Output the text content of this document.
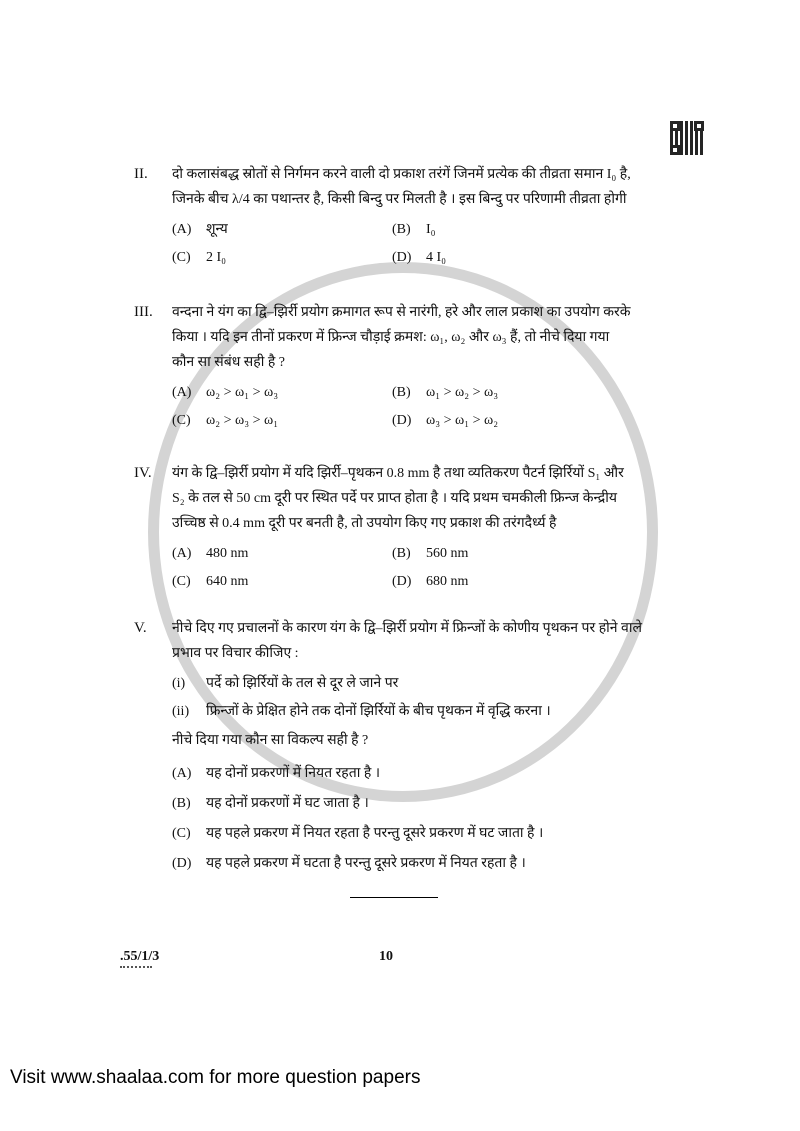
II. दो कलासंबद्ध स्रोतों से निर्गमन करने वाली दो प्रकाश तरंगें जिनमें प्रत्येक की तीव्रता समान I₀ है,
जिनके बीच λ/4 का पथान्तर है, किसी बिन्दु पर मिलती है । इस बिन्दु पर परिणामी तीव्रता होगी
(A) शून्य	(B) I₀
(C) 2 I₀	(D) 4 I₀
III. वन्दना ने यंग का द्वि–झिर्री प्रयोग क्रमागत रूप से नारंगी, हरे और लाल प्रकाश का उपयोग करके
किया । यदि इन तीनों प्रकरण में फ्रिन्ज चौड़ाई क्रमश: ω₁, ω₂ और ω₃ हैं, तो नीचे दिया गया
कौन सा संबंध सही है ?
(A) ω₂ > ω₁ > ω₃	(B) ω₁ > ω₂ > ω₃
(C) ω₂ > ω₃ > ω₁	(D) ω₃ > ω₁ > ω₂
IV. यंग के द्वि–झिर्री प्रयोग में यदि झिर्री–पृथकन 0.8 mm है तथा व्यतिकरण पैटर्न झिर्रियों S₁ और
S₂ के तल से 50 cm दूरी पर स्थित पर्दे पर प्राप्त होता है । यदि प्रथम चमकीली फ्रिन्ज केन्द्रीय
उच्चिष्ठ से 0.4 mm दूरी पर बनती है, तो उपयोग किए गए प्रकाश की तरंगदैर्ध्य है
(A) 480 nm	(B) 560 nm
(C) 640 nm	(D) 680 nm
V. नीचे दिए गए प्रचालनों के कारण यंग के द्वि–झिर्री प्रयोग में फ्रिन्जों के कोणीय पृथकन पर होने वाले
प्रभाव पर विचार कीजिए :
(i) पर्दे को झिर्रियों के तल से दूर ले जाने पर
(ii) फ्रिन्जों के प्रेक्षित होने तक दोनों झिर्रियों के बीच पृथकन में वृद्धि करना ।
नीचे दिया गया कौन सा विकल्प सही है ?
(A) यह दोनों प्रकरणों में नियत रहता है ।
(B) यह दोनों प्रकरणों में घट जाता है ।
(C) यह पहले प्रकरण में नियत रहता है परन्तु दूसरे प्रकरण में घट जाता है ।
(D) यह पहले प्रकरण में घटता है परन्तु दूसरे प्रकरण में नियत रहता है ।
.55/1/3	10
Visit www.shaalaa.com for more question papers
